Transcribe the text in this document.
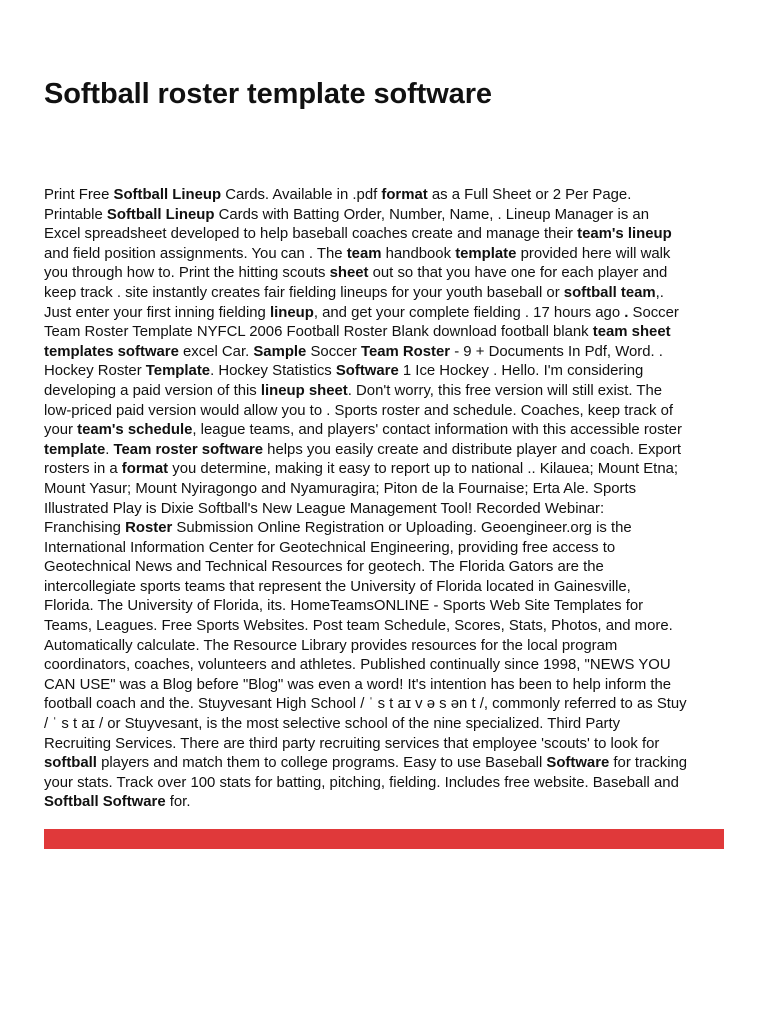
Softball roster template software

Print Free Softball Lineup Cards. Available in .pdf format as a Full Sheet or 2 Per Page.
Printable Softball Lineup Cards with Batting Order, Number, Name, . Lineup Manager is an
Excel spreadsheet developed to help baseball coaches create and manage their team's lineup
and field position assignments. You can . The team handbook template provided here will walk
you through how to. Print the hitting scouts sheet out so that you have one for each player and
keep track . site instantly creates fair fielding lineups for your youth baseball or softball team,.
Just enter your first inning fielding lineup, and get your complete fielding . 17 hours ago . Soccer
Team Roster Template NYFCL 2006 Football Roster Blank download football blank team sheet
templates software excel Car. Sample Soccer Team Roster - 9 + Documents In Pdf, Word. .
Hockey Roster Template. Hockey Statistics Software 1 Ice Hockey . Hello. I'm considering
developing a paid version of this lineup sheet. Don't worry, this free version will still exist. The
low-priced paid version would allow you to . Sports roster and schedule. Coaches, keep track of
your team's schedule, league teams, and players' contact information with this accessible roster
template. Team roster software helps you easily create and distribute player and coach. Export
rosters in a format you determine, making it easy to report up to national .. Kilauea; Mount Etna;
Mount Yasur; Mount Nyiragongo and Nyamuragira; Piton de la Fournaise; Erta Ale. Sports
Illustrated Play is Dixie Softball's New League Management Tool! Recorded Webinar:
Franchising Roster Submission Online Registration or Uploading. Geoengineer.org is the
International Information Center for Geotechnical Engineering, providing free access to
Geotechnical News and Technical Resources for geotech. The Florida Gators are the
intercollegiate sports teams that represent the University of Florida located in Gainesville,
Florida. The University of Florida, its. HomeTeamsONLINE - Sports Web Site Templates for
Teams, Leagues. Free Sports Websites. Post team Schedule, Scores, Stats, Photos, and more.
Automatically calculate. The Resource Library provides resources for the local program
coordinators, coaches, volunteers and athletes. Published continually since 1998, "NEWS YOU
CAN USE" was a Blog before "Blog" was even a word! It's intention has been to help inform the
football coach and the. Stuyvesant High School / ˈ s t aɪ v ə s ən t /, commonly referred to as Stuy
/ ˈ s t aɪ / or Stuyvesant, is the most selective school of the nine specialized. Third Party
Recruiting Services. There are third party recruiting services that employee 'scouts' to look for
softball players and match them to college programs. Easy to use Baseball Software for tracking
your stats. Track over 100 stats for batting, pitching, fielding. Includes free website. Baseball and
Softball Software for.
